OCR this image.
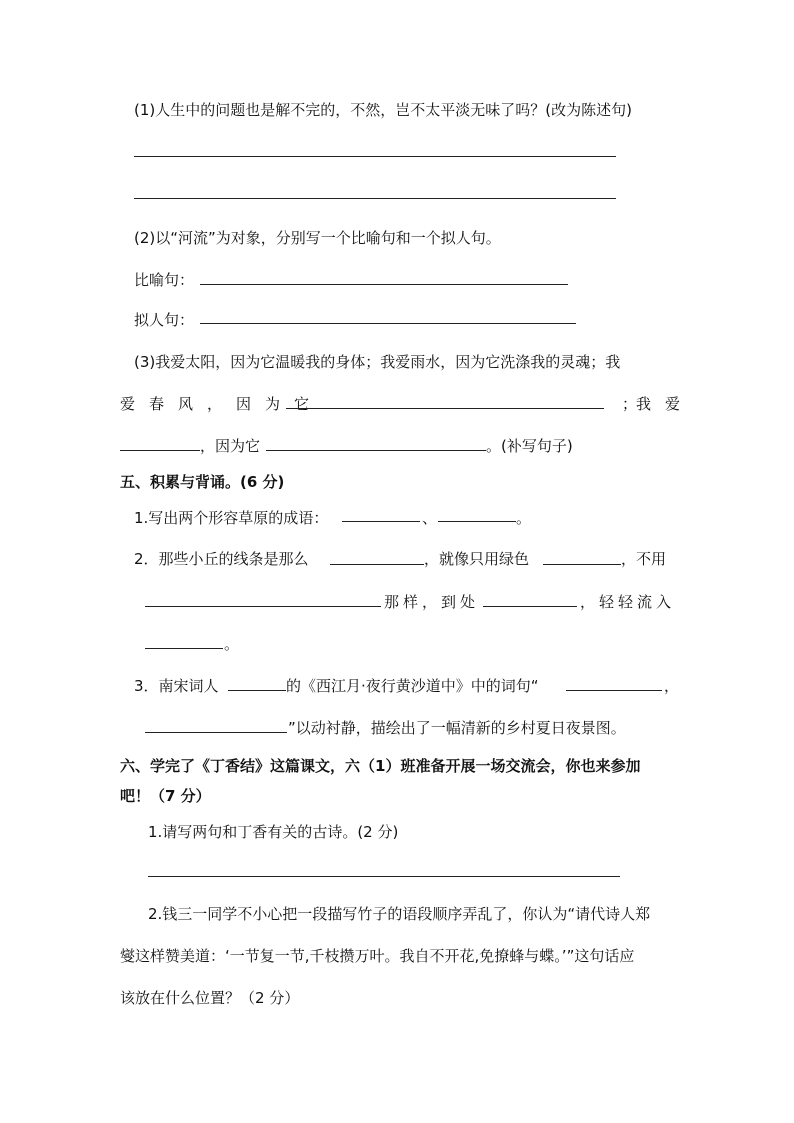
(1)人生中的问题也是解不完的，不然，岂不太平淡无味了吗？(改为陈述句)
(2)以“河流”为对象，分别写一个比喻句和一个拟人句。
比喻句：
拟人句：
(3)我爱太阳，因为它温暖我的身体；我爱雨水，因为它洗涤我的灵魂；我
爱春风，因为它	；
我爱
，因为它	。(补写句子)
五、积累与背诵。(6 分)
1.写出两个形容草原的成语：	、	。
2．那些小丘的线条是那么	，就像只用绿色	，不用
那样，到处	，轻轻流入
。
3．南宋词人	的《西江月·夜行黄沙道中》中的词句“	，
”以动衬静，描绘出了一幅清新的乡村夏日夜景图。
六、学完了《丁香结》这篇课文，六（1）班准备开展一场交流会，你也来参加
吧！（7 分）
1.请写两句和丁香有关的古诗。(2 分)
2.钱三一同学不小心把一段描写竹子的语段顺序弄乱了，你认为“请代诗人郑
燮这样赞美道：‘一节复一节,千枝攒万叶。我自不开花,免撩蜂与蝶。’”这句话应
该放在什么位置？（2 分）
